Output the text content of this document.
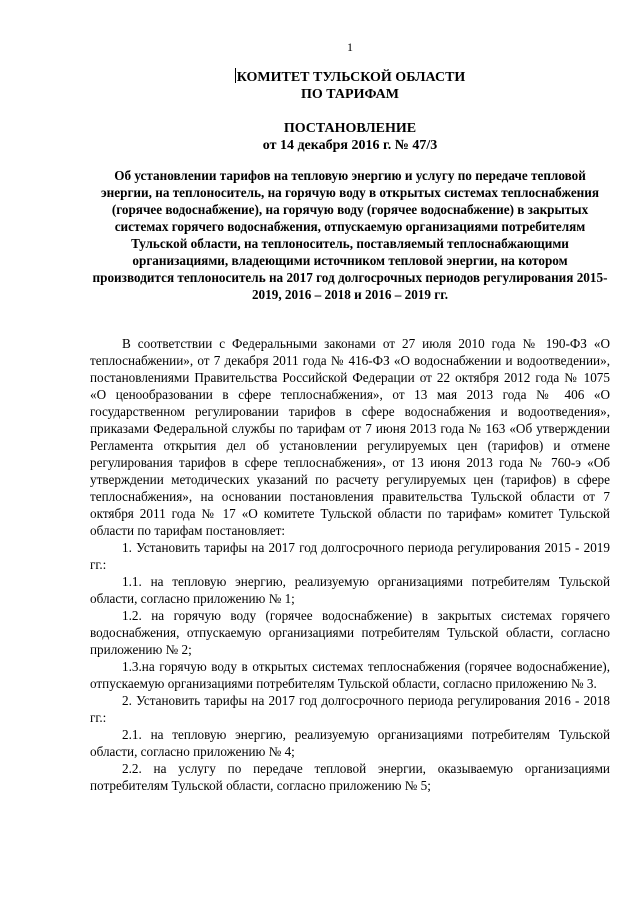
1
КОМИТЕТ ТУЛЬСКОЙ ОБЛАСТИ
ПО ТАРИФАМ
ПОСТАНОВЛЕНИЕ
от 14 декабря 2016 г. № 47/3
Об установлении тарифов на тепловую энергию и услугу по передаче тепловой энергии, на теплоноситель, на горячую воду в открытых системах теплоснабжения (горячее водоснабжение), на горячую воду (горячее водоснабжение) в закрытых системах горячего водоснабжения, отпускаемую организациями потребителям Тульской области, на теплоноситель, поставляемый теплоснабжающими организациями, владеющими источником тепловой энергии, на котором производится теплоноситель на 2017 год долгосрочных периодов регулирования 2015-2019, 2016 – 2018 и 2016 – 2019 гг.

В соответствии с Федеральными законами от 27 июля 2010 года № 190-ФЗ «О теплоснабжении», от 7 декабря 2011 года № 416-ФЗ «О водоснабжении и водоотведении», постановлениями Правительства Российской Федерации от 22 октября 2012 года № 1075 «О ценообразовании в сфере теплоснабжения», от 13 мая 2013 года № 406 «О государственном регулировании тарифов в сфере водоснабжения и водоотведения», приказами Федеральной службы по тарифам от 7 июня 2013 года № 163 «Об утверждении Регламента открытия дел об установлении регулируемых цен (тарифов) и отмене регулирования тарифов в сфере теплоснабжения», от 13 июня 2013 года № 760-э «Об утверждении методических указаний по расчету регулируемых цен (тарифов) в сфере теплоснабжения», на основании постановления правительства Тульской области от 7 октября 2011 года № 17 «О комитете Тульской области по тарифам» комитет Тульской области по тарифам постановляет:

1. Установить тарифы на 2017 год долгосрочного периода регулирования 2015 - 2019 гг.:

1.1. на тепловую энергию, реализуемую организациями потребителям Тульской области, согласно приложению № 1;

1.2. на горячую воду (горячее водоснабжение) в закрытых системах горячего водоснабжения, отпускаемую организациями потребителям Тульской области, согласно приложению № 2;

1.3.на горячую воду в открытых системах теплоснабжения (горячее водоснабжение), отпускаемую организациями потребителям Тульской области, согласно приложению № 3.

2. Установить тарифы на 2017 год долгосрочного периода регулирования 2016 - 2018 гг.:

2.1. на тепловую энергию, реализуемую организациями потребителям Тульской области, согласно приложению № 4;

2.2. на услугу по передаче тепловой энергии, оказываемую организациями потребителям Тульской области, согласно приложению № 5;
